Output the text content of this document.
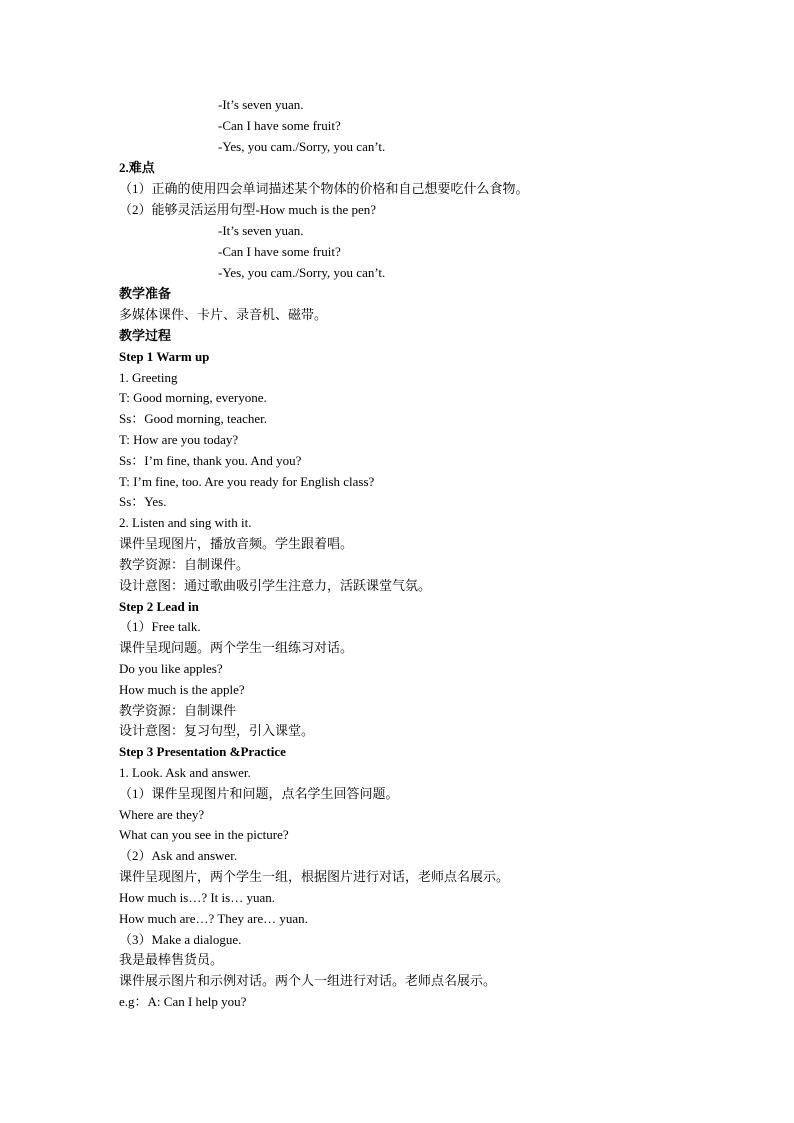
-It’s seven yuan.
-Can I have some fruit?
-Yes, you cam./Sorry, you can’t.
2.难点
（1）正确的使用四会单词描述某个物体的价格和自己想要吃什么食物。
（2）能够灵活运用句型-How much is the pen?
-It’s seven yuan.
-Can I have some fruit?
-Yes, you cam./Sorry, you can’t.
教学准备
多媒体课件、卡片、录音机、磁带。
教学过程
Step 1 Warm up
1. Greeting
T: Good morning, everyone.
Ss：Good morning, teacher.
T: How are you today?
Ss：I’m fine, thank you. And you?
T: I’m fine, too. Are you ready for English class?
Ss：Yes.
2. Listen and sing with it.
课件呈现图片，播放音频。学生跟着唱。
教学资源：自制课件。
设计意图：通过歌曲吸引学生注意力，活跃课堂气氛。
Step 2 Lead in
（1）Free talk.
课件呈现问题。两个学生一组练习对话。
Do you like apples?
How much is the apple?
教学资源：自制课件
设计意图：复习句型，引入课堂。
Step 3 Presentation &Practice
1. Look. Ask and answer.
（1）课件呈现图片和问题，点名学生回答问题。
Where are they?
What can you see in the picture?
（2）Ask and answer.
课件呈现图片，两个学生一组，根据图片进行对话，老师点名展示。
How much is…? It is… yuan.
How much are…? They are… yuan.
（3）Make a dialogue.
我是最棒售货员。
课件展示图片和示例对话。两个人一组进行对话。老师点名展示。
e.g：A: Can I help you?
